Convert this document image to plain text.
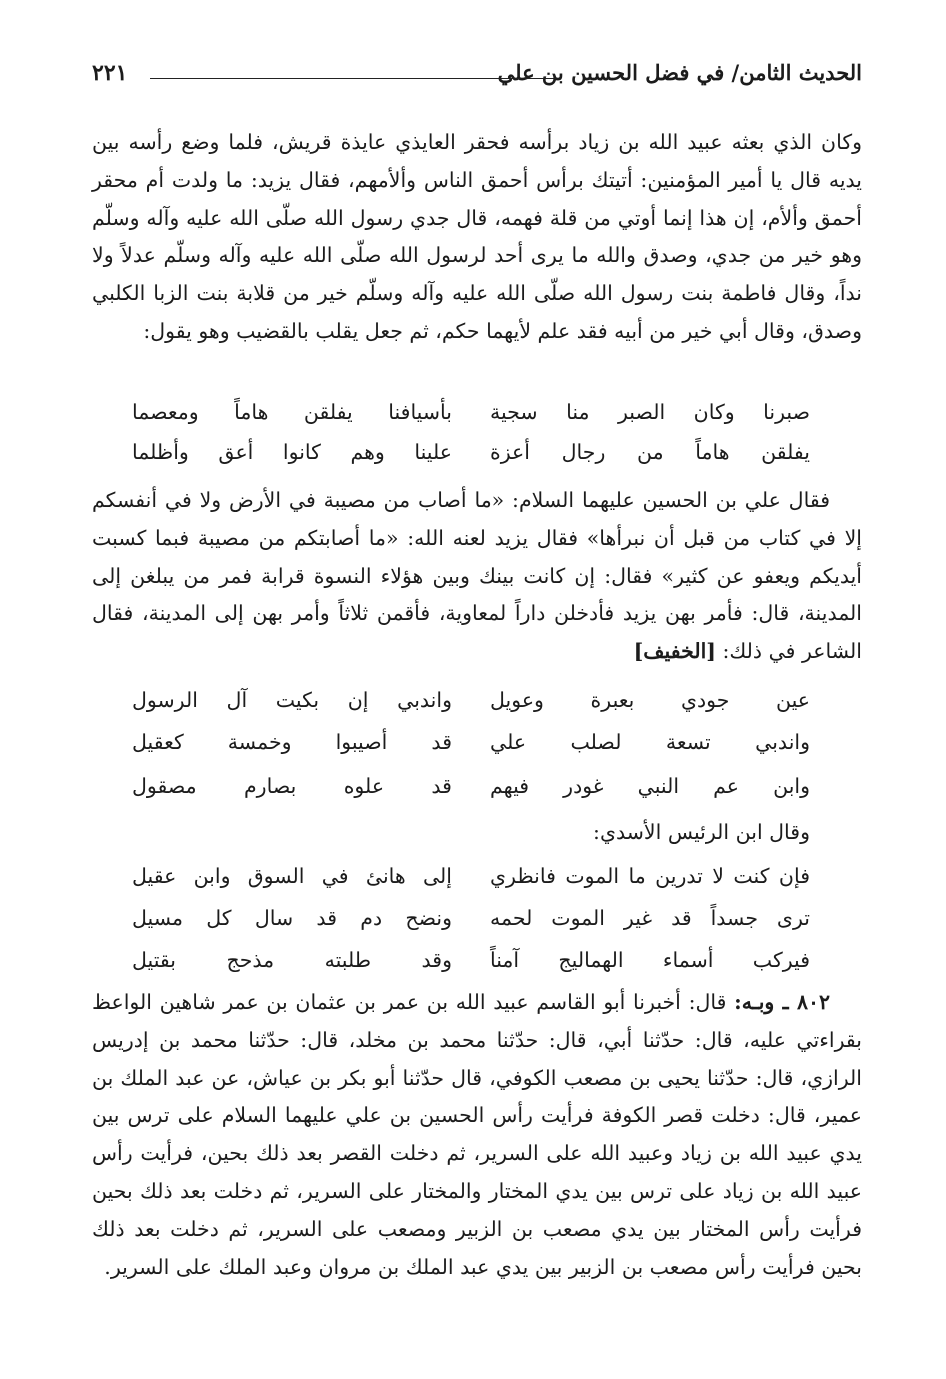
الحديث الثامن/ في فضل الحسين بن علي
٢٢١

وكان الذي بعثه عبيد الله بن زياد برأسه فحقر العايذي عايذة قريش، فلما وضع رأسه بين يديه قال يا أمير المؤمنين: أتيتك برأس أحمق الناس وألأمهم، فقال يزيد: ما ولدت أم محقر أحمق وألأم، إن هذا إنما أوتي من قلة فهمه، قال جدي رسول الله صلّى الله عليه وآله وسلّم وهو خير من جدي، وصدق والله ما يرى أحد لرسول الله صلّى الله عليه وآله وسلّم عدلاً ولا نداً، وقال فاطمة بنت رسول الله صلّى الله عليه وآله وسلّم خير من قلابة بنت الزبا الكلبي وصدق، وقال أبي خير من أبيه فقد علم لأيهما حكم، ثم جعل يقلب بالقضيب وهو يقول:

صبرنا وكان الصبر منا سجية
بأسيافنا يفلقن هاماً ومعصما
يفلقن هاماً من رجال أعزة
علينا وهم كانوا أعق وأظلما

فقال علي بن الحسين عليهما السلام: «ما أصاب من مصيبة في الأرض ولا في أنفسكم إلا في كتاب من قبل أن نبرأها» فقال يزيد لعنه الله: «ما أصابتكم من مصيبة فبما كسبت أيديكم ويعفو عن كثير» فقال: إن كانت بينك وبين هؤلاء النسوة قرابة فمر من يبلغن إلى المدينة، قال: فأمر بهن يزيد فأدخلن داراً لمعاوية، فأقمن ثلاثاً وأمر بهن إلى المدينة، فقال الشاعر في ذلك: [الخفيف]

عين جودي بعبرة وعويل
واندبي إن بكيت آل الرسول
واندبي تسعة لصلب علي
قد أصيبوا وخمسة كعقيل
وابن عم النبي غودر فيهم
قد علوه بصارم مصقول

وقال ابن الرئيس الأسدي:

فإن كنت لا تدرين ما الموت فانظري
إلى هانئ في السوق وابن عقيل
ترى جسداً قد غير الموت لحمه
ونضح دم قد سال كل مسيل
فيركب أسماء الهماليج آمناً
وقد طلبته مذحج بقتيل

٨٠٢ ـ وبـه: قال: أخبرنا أبو القاسم عبيد الله بن عمر بن عثمان بن عمر شاهين الواعظ بقراءتي عليه، قال: حدّثنا أبي، قال: حدّثنا محمد بن مخلد، قال: حدّثنا محمد بن إدريس الرازي، قال: حدّثنا يحيى بن مصعب الكوفي، قال حدّثنا أبو بكر بن عياش، عن عبد الملك بن عمير، قال: دخلت قصر الكوفة فرأيت رأس الحسين بن علي عليهما السلام على ترس بين يدي عبيد الله بن زياد وعبيد الله على السرير، ثم دخلت القصر بعد ذلك بحين، فرأيت رأس عبيد الله بن زياد على ترس بين يدي المختار والمختار على السرير، ثم دخلت بعد ذلك بحين فرأيت رأس المختار بين يدي مصعب بن الزبير ومصعب على السرير، ثم دخلت بعد ذلك بحين فرأيت رأس مصعب بن الزبير بين يدي عبد الملك بن مروان وعبد الملك على السرير.
